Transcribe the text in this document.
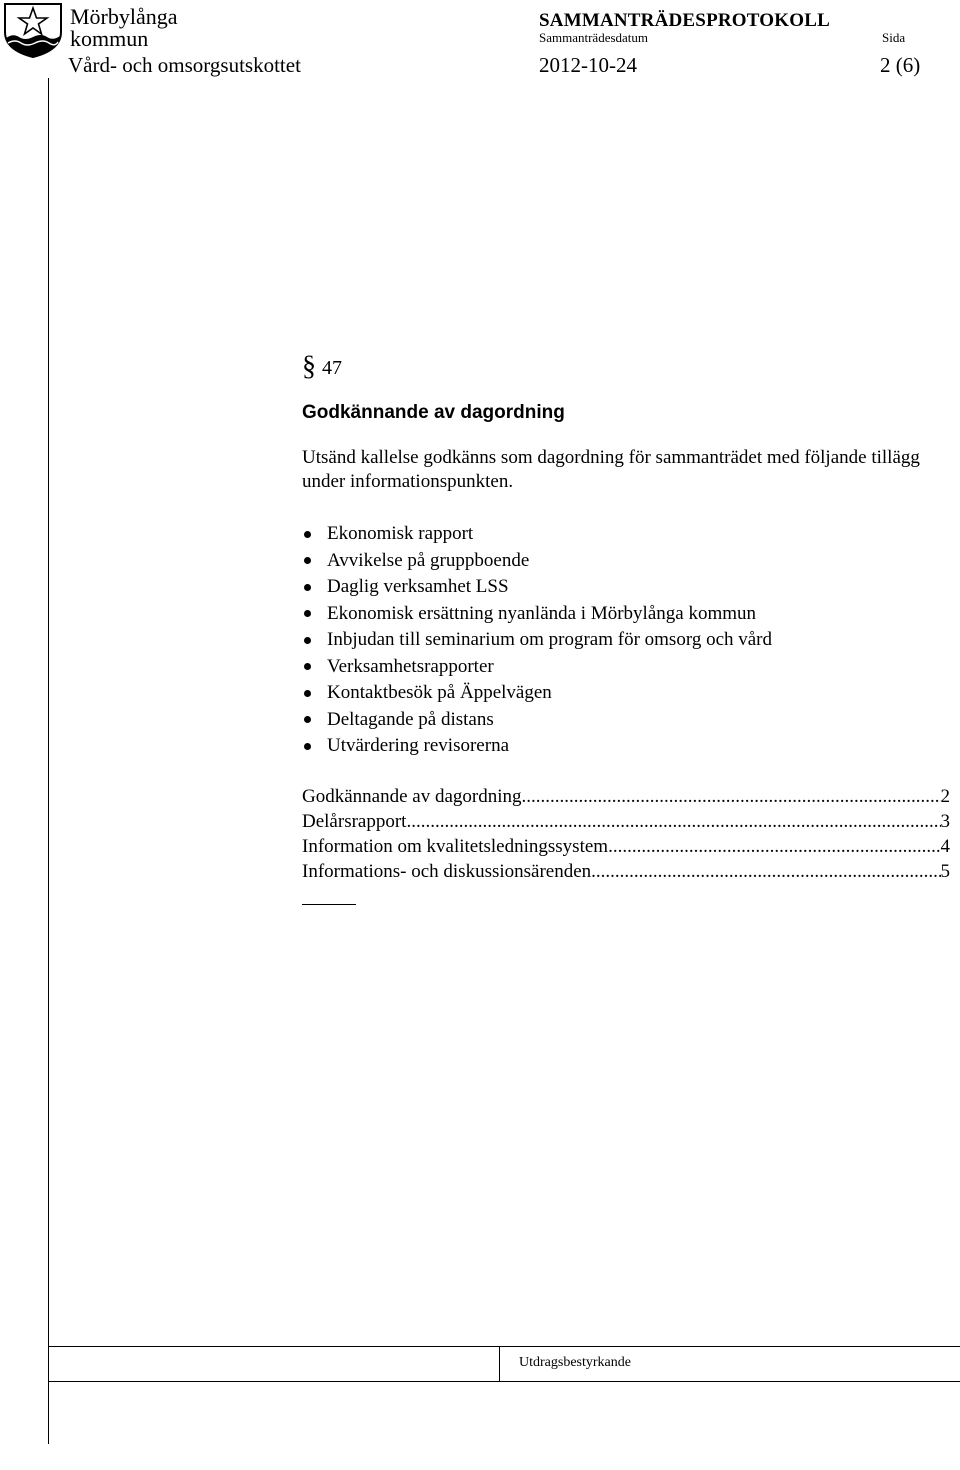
Mörbylånga
kommun
SAMMANTRÄDESPROTOKOLL
Sammanträdesdatum	Sida
Vård- och omsorgsutskottet	2012-10-24	2 (6)
§ 47
Godkännande av dagordning
Utsänd kallelse godkänns som dagordning för sammanträdet med följande tillägg under informationspunkten.
Ekonomisk rapport
Avvikelse på gruppboende
Daglig verksamhet LSS
Ekonomisk ersättning nyanlända i Mörbylånga kommun
Inbjudan till seminarium om program för omsorg och vård
Verksamhetsrapporter
Kontaktbesök på Äppelvägen
Deltagande på distans
Utvärdering revisorerna
Godkännande av dagordning .....	2
Delårsrapport .....	3
Information om kvalitetsledningssystem .....	4
Informations- och diskussionsärenden .....	5
Utdragsbestyrkande
